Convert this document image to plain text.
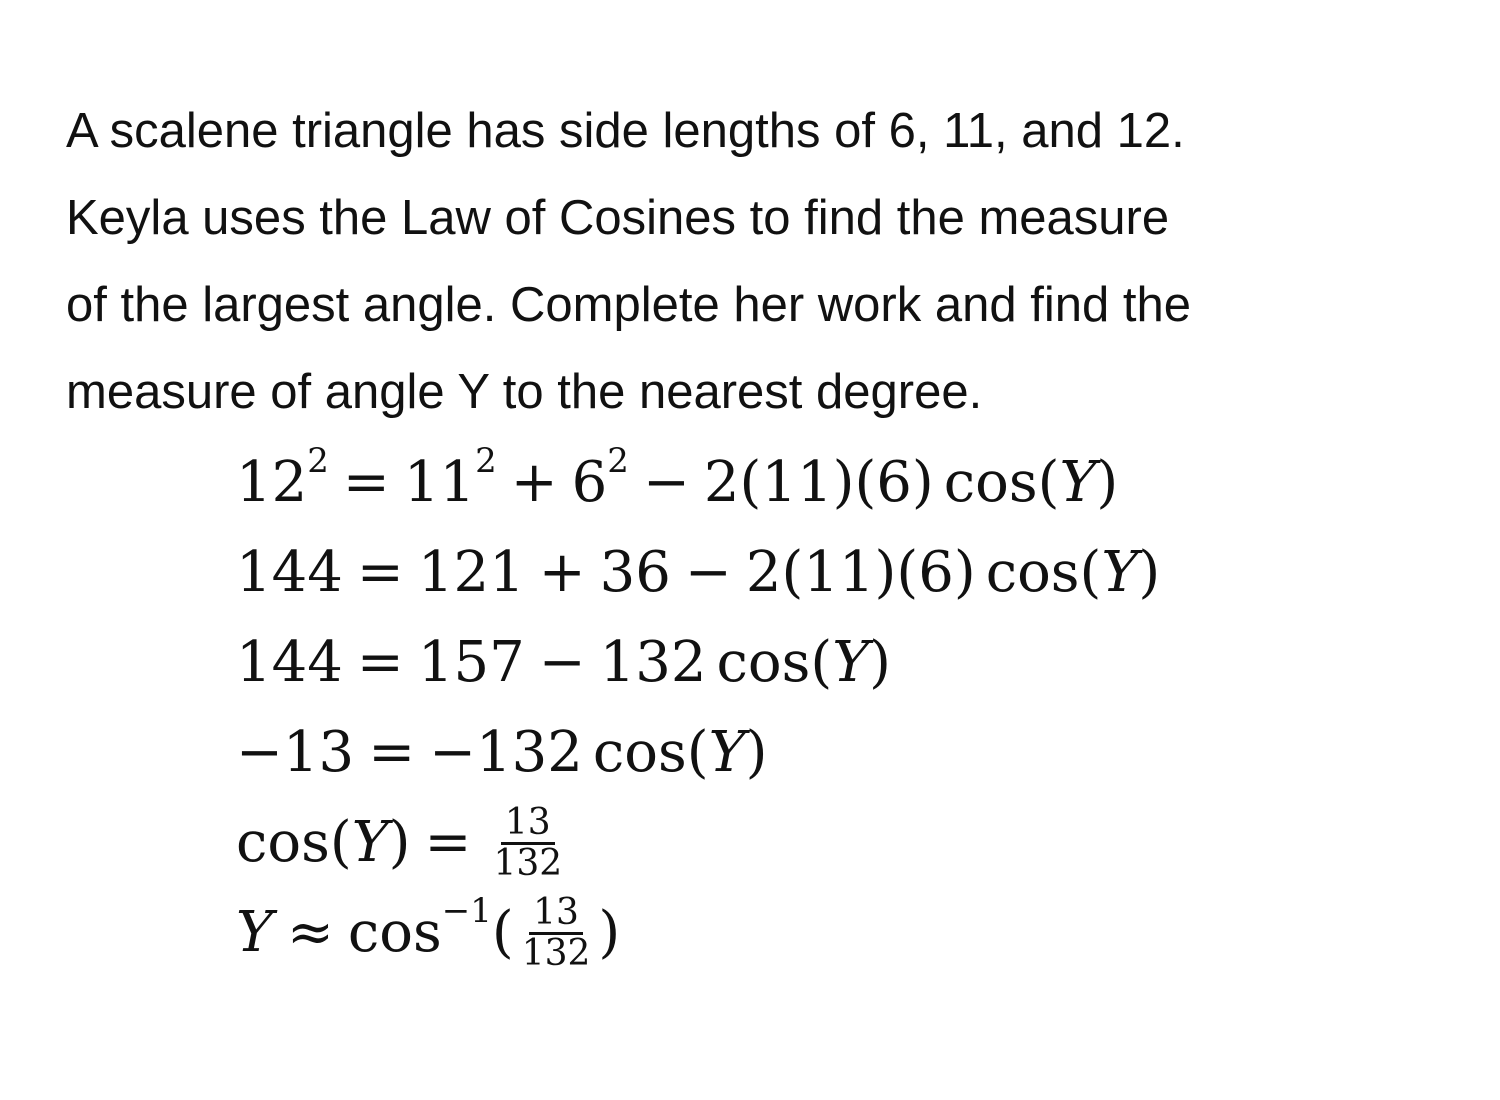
A scalene triangle has side lengths of 6, 11, and 12.
Keyla uses the Law of Cosines to find the measure
of the largest angle. Complete her work and find the
measure of angle Y to the nearest degree.
$12^2 = 11^2 + 6^2 - 2(11)(6)$ cos ( Y )
144 = 121 + 36 − 2(11)(6) cos ( Y )
144 = 157 − 132 cos ( Y )
−13 = −132 cos ( Y )
cos ( Y ) = $\frac{13}{132}$
$Y \approx \cos^{-1}$ ( $\frac{13}{132}$ )
